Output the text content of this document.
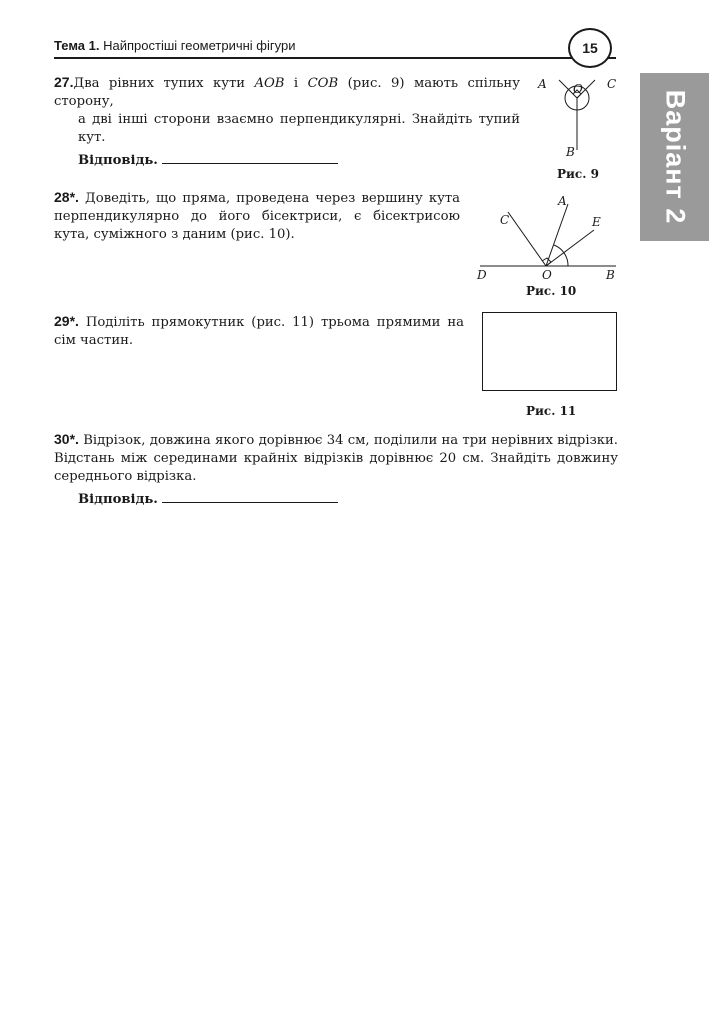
Тема 1. Найпростіші геометричні фігури	15
Варіант 2
27.Два рівних тупих кути AOB і COB (рис. 9) мають спільну сторону,
а дві інші сторони взаємно перпендикулярні. Знайдіть тупий кут.
Відповідь.
A O C
B
Рис. 9
28*. Доведіть, що пряма, проведена через вершину кута перпендикулярно до його бісектриси, є бісектрисою кута, суміжного з даним (рис. 10).
A
C	E
D	O	B
Рис. 10
29*. Поділіть прямокутник (рис. 11) трьома прямими на сім частин.
Рис. 11
30*. Відрізок, довжина якого дорівнює 34 см, поділили на три нерівних відрізки. Відстань між серединами крайніх відрізків дорівнює 20 см. Знайдіть довжину середнього відрізка.
Відповідь.
